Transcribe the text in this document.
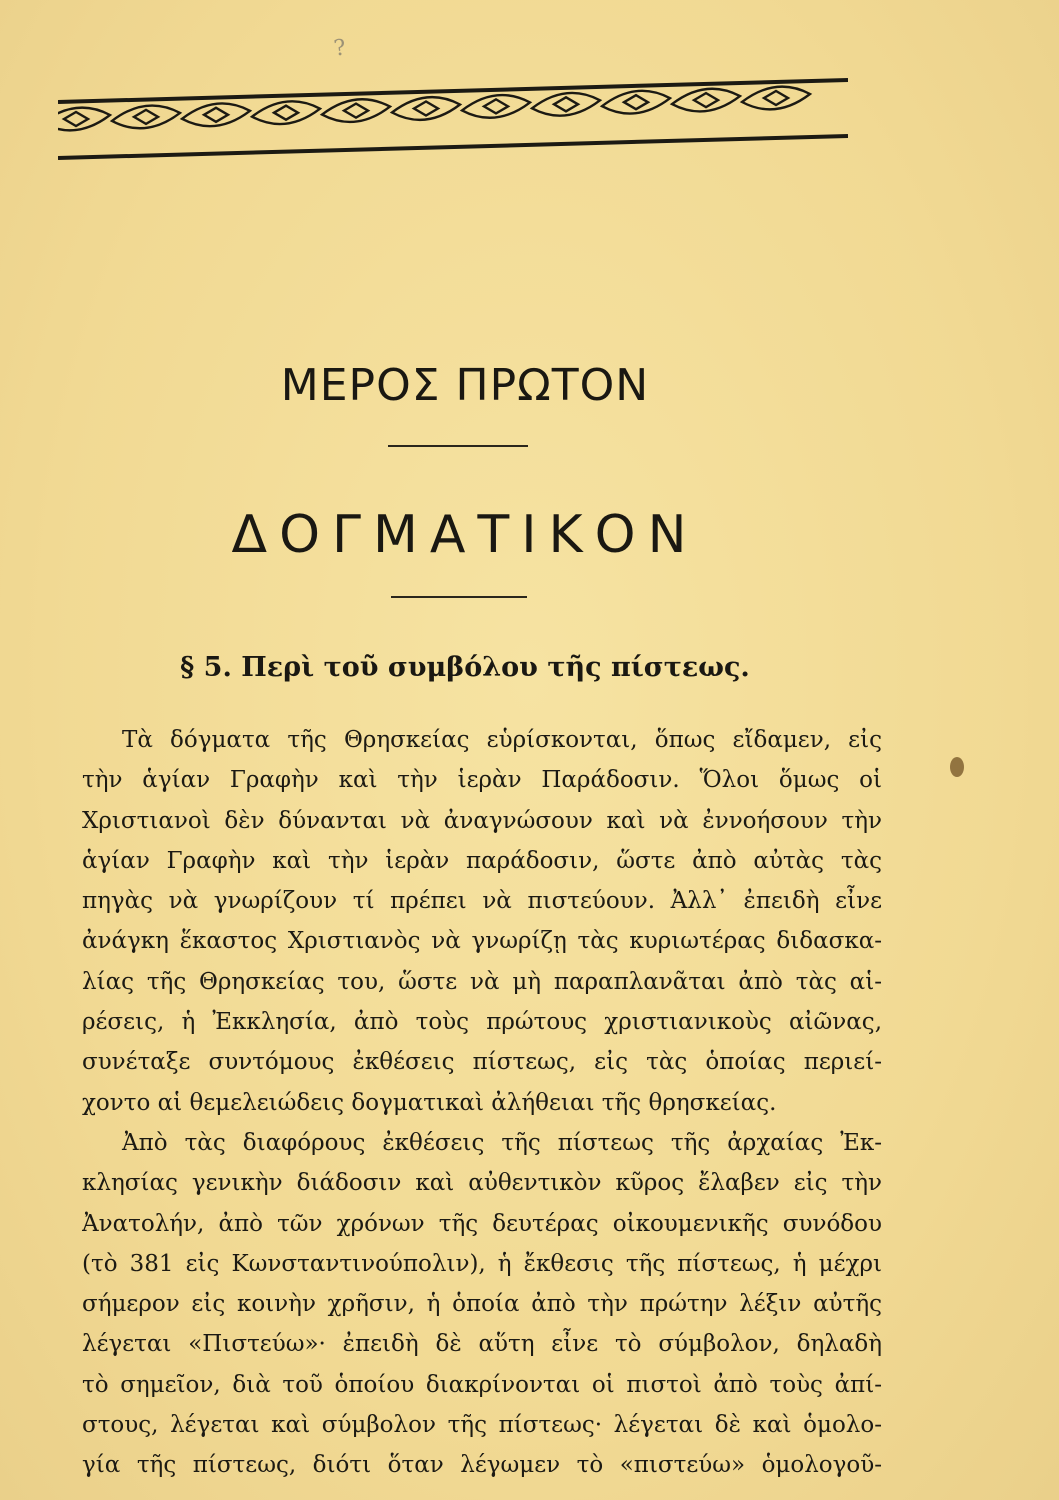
?
ΜΕΡΟΣ ΠΡΩΤΟΝ
ΔΟΓΜΑΤΙΚΟΝ
§ 5. Περὶ τοῦ συμβόλου τῆς πίστεως.
Τὰ δόγματα τῆς Θρησκείας εὑρίσκονται, ὅπως εἴδαμεν, εἰς
τὴν ἁγίαν Γραφὴν καὶ τὴν ἱερὰν Παράδοσιν. Ὅλοι ὅμως οἱ
Χριστιανοὶ δὲν δύνανται νὰ ἀναγνώσουν καὶ νὰ ἐννοήσουν τὴν
ἁγίαν Γραφὴν καὶ τὴν ἱερὰν παράδοσιν, ὥστε ἀπὸ αὐτὰς τὰς
πηγὰς νὰ γνωρίζουν τί πρέπει νὰ πιστεύουν. Ἀλλ᾽ ἐπειδὴ εἶνε
ἀνάγκη ἕκαστος Χριστιανὸς νὰ γνωρίζῃ τὰς κυριωτέρας διδασκα-
λίας τῆς Θρησκείας του, ὥστε νὰ μὴ παραπλανᾶται ἀπὸ τὰς αἱ-
ρέσεις, ἡ Ἐκκλησία, ἀπὸ τοὺς πρώτους χριστιανικοὺς αἰῶνας,
συνέταξε συντόμους ἐκθέσεις πίστεως, εἰς τὰς ὁποίας περιεί-
χοντο αἱ θεμελειώδεις δογματικαὶ ἀλήθειαι τῆς θρησκείας.
Ἀπὸ τὰς διαφόρους ἐκθέσεις τῆς πίστεως τῆς ἀρχαίας Ἐκ-
κλησίας γενικὴν διάδοσιν καὶ αὐθεντικὸν κῦρος ἔλαβεν εἰς τὴν
Ἀνατολήν, ἀπὸ τῶν χρόνων τῆς δευτέρας οἰκουμενικῆς συνόδου
(τὸ 381 εἰς Κωνσταντινούπολιν), ἡ ἔκθεσις τῆς πίστεως, ἡ μέχρι
σήμερον εἰς κοινὴν χρῆσιν, ἡ ὁποία ἀπὸ τὴν πρώτην λέξιν αὐτῆς
λέγεται «Πιστεύω»· ἐπειδὴ δὲ αὕτη εἶνε τὸ σύμβολον, δηλαδὴ
τὸ σημεῖον, διὰ τοῦ ὁποίου διακρίνονται οἱ πιστοὶ ἀπὸ τοὺς ἀπί-
στους, λέγεται καὶ σύμβολον τῆς πίστεως· λέγεται δὲ καὶ ὁμολο-
γία τῆς πίστεως, διότι ὅταν λέγωμεν τὸ «πιστεύω» ὁμολογοῦ-
